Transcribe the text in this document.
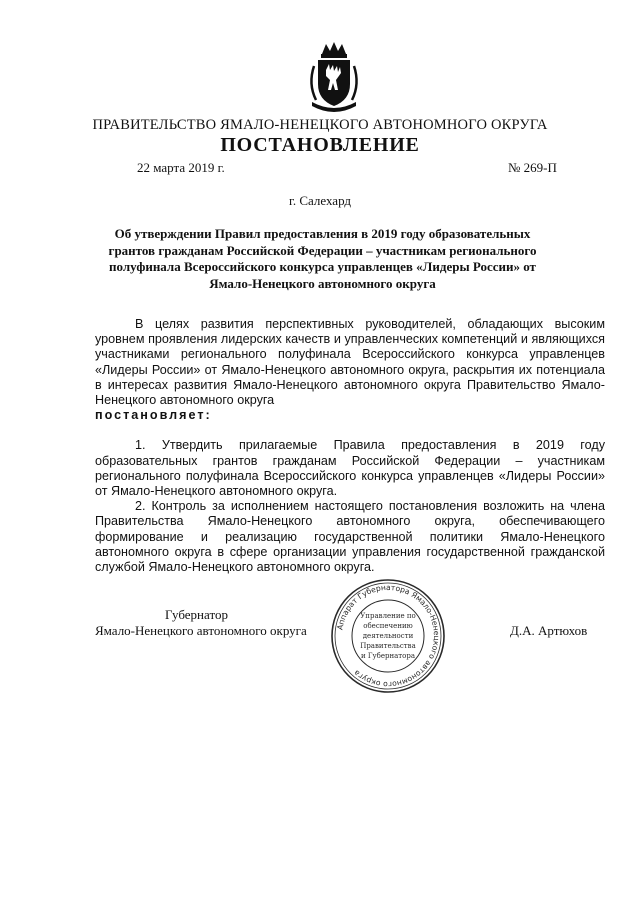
ПРАВИТЕЛЬСТВО ЯМАЛО-НЕНЕЦКОГО АВТОНОМНОГО ОКРУГА
ПОСТАНОВЛЕНИЕ
22 марта 2019 г.	№ 269-П
г. Салехард
Об утверждении Правил предоставления в 2019 году образовательных грантов гражданам Российской Федерации – участникам регионального полуфинала Всероссийского конкурса управленцев «Лидеры России» от Ямало-Ненецкого автономного округа

В целях развития перспективных руководителей, обладающих высоким уровнем проявления лидерских качеств и управленческих компетенций и являющихся участниками регионального полуфинала Всероссийского конкурса управленцев «Лидеры России» от Ямало-Ненецкого автономного округа, раскрытия их потенциала в интересах развития Ямало-Ненецкого автономного округа Правительство Ямало-Ненецкого автономного округа

постановляет:

1. Утвердить прилагаемые Правила предоставления в 2019 году образовательных грантов гражданам Российской Федерации – участникам регионального полуфинала Всероссийского конкурса управленцев «Лидеры России» от Ямало-Ненецкого автономного округа.

2. Контроль за исполнением настоящего постановления возложить на члена Правительства Ямало-Ненецкого автономного округа, обеспечивающего формирование и реализацию государственной политики Ямало-Ненецкого автономного округа в сфере организации управления государственной гражданской службой Ямало-Ненецкого автономного округа.

Губернатор

Ямало-Ненецкого автономного округа	Д.А. Артюхов
Аппарат Губернатора Ямало-Ненецкого автономного округа
Управление по
обеспечению
деятельности
Правительства
и Губернатора
